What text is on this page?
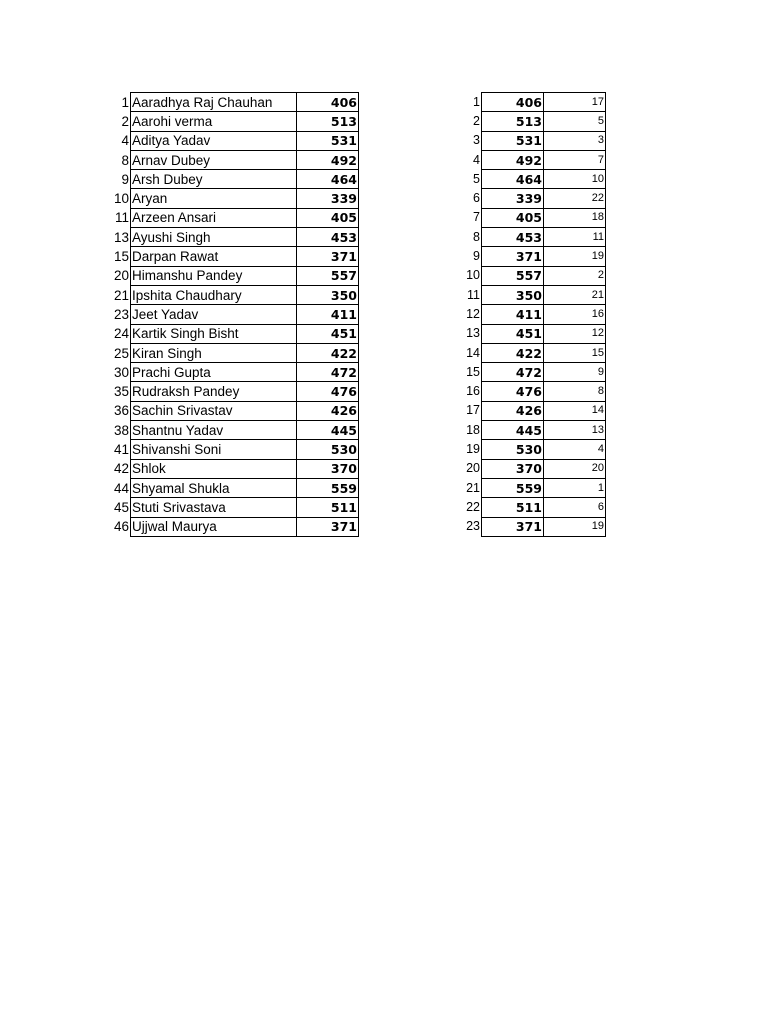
1	Aaradhya Raj Chauhan	406
2	Aarohi verma	513
4	Aditya Yadav	531
8	Arnav Dubey	492
9	Arsh Dubey	464
10	Aryan	339
11	Arzeen Ansari	405
13	Ayushi Singh	453
15	Darpan Rawat	371
20	Himanshu Pandey	557
21	Ipshita Chaudhary	350
23	Jeet Yadav	411
24	Kartik Singh Bisht	451
25	Kiran Singh	422
30	Prachi Gupta	472
35	Rudraksh Pandey	476
36	Sachin Srivastav	426
38	Shantnu Yadav	445
41	Shivanshi Soni	530
42	Shlok	370
44	Shyamal Shukla	559
45	Stuti Srivastava	511
46	Ujjwal Maurya	371
1	406	17
2	513	5
3	531	3
4	492	7
5	464	10
6	339	22
7	405	18
8	453	11
9	371	19
10	557	2
11	350	21
12	411	16
13	451	12
14	422	15
15	472	9
16	476	8
17	426	14
18	445	13
19	530	4
20	370	20
21	559	1
22	511	6
23	371	19
